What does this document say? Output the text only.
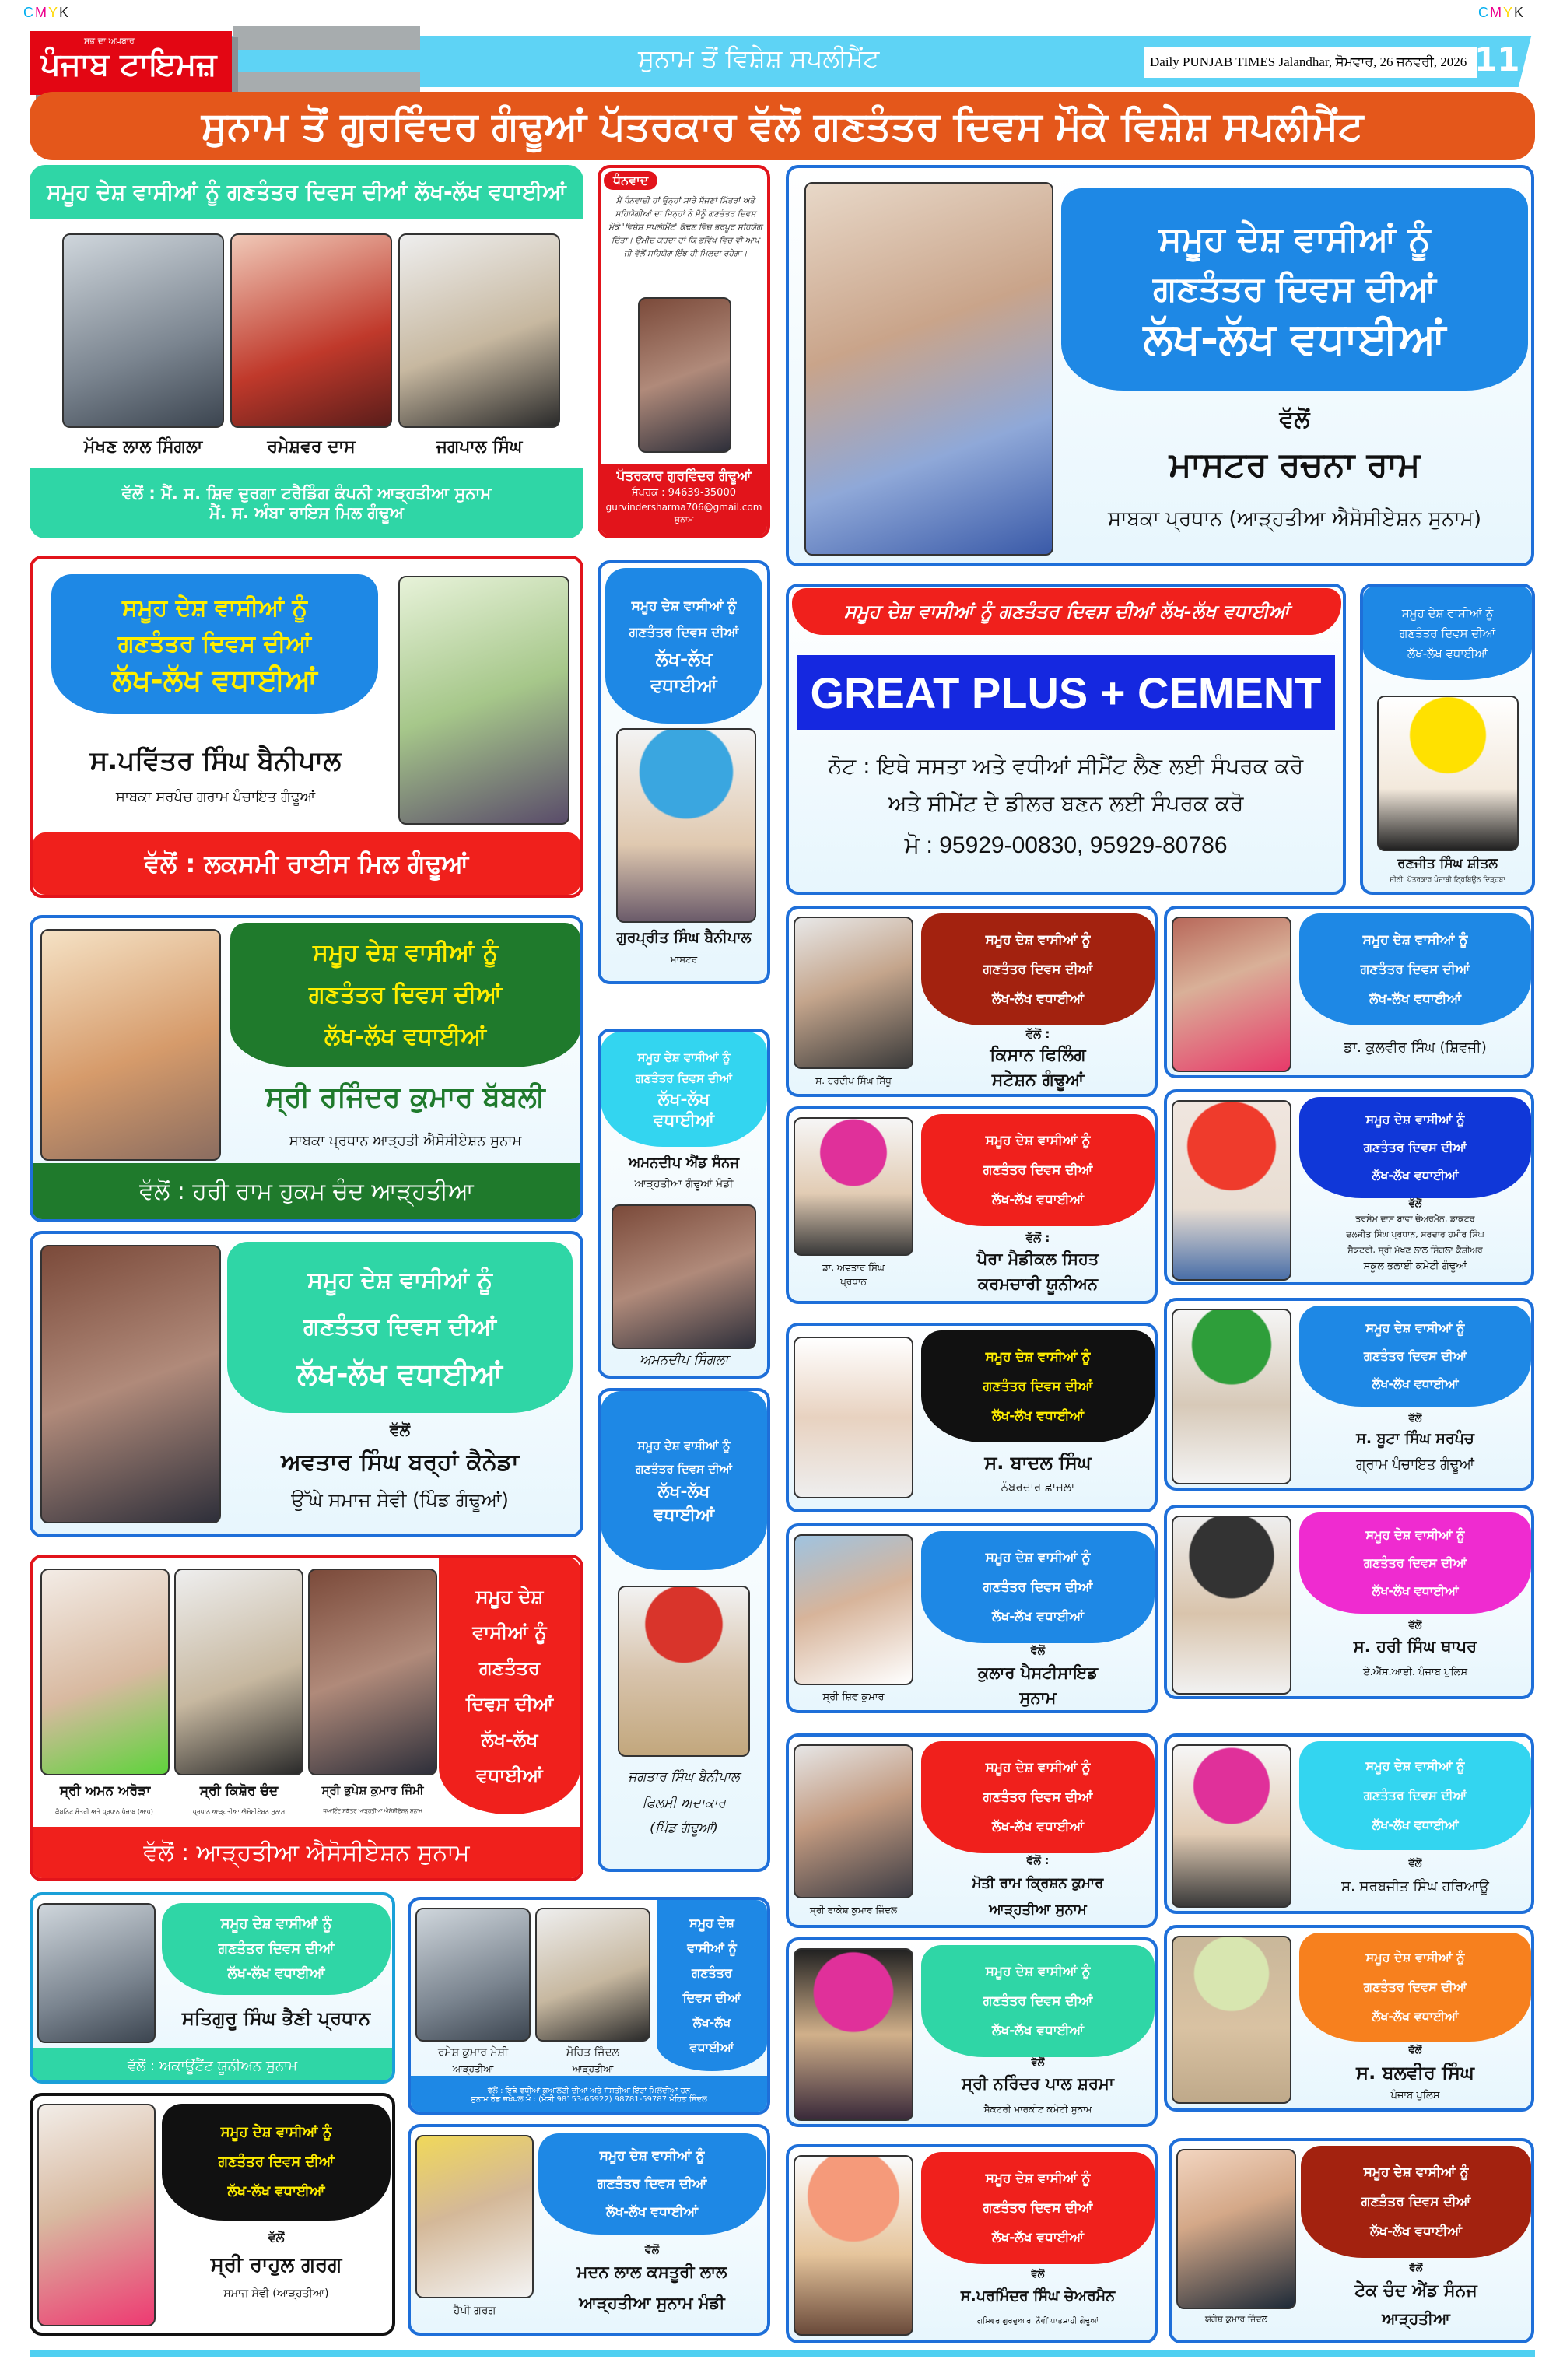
CMYK	CMYK
ਸਭ ਦਾ ਅਖ਼ਬਾਰ
ਪੰਜਾਬ ਟਾਇਮਜ਼	ਸੁਨਾਮ ਤੋਂ ਵਿਸ਼ੇਸ਼ ਸਪਲੀਮੈਂਟ	Daily PUNJAB TIMES Jalandhar, ਸੋਮਵਾਰ, 26 ਜਨਵਰੀ, 2026 11
ਸੁਨਾਮ ਤੋਂ ਗੁਰਵਿੰਦਰ ਗੰਢੂਆਂ ਪੱਤਰਕਾਰ ਵੱਲੋਂ ਗਣਤੰਤਰ ਦਿਵਸ ਮੌਕੇ ਵਿਸ਼ੇਸ਼ ਸਪਲੀਮੈਂਟ
ਸਮੂਹ ਦੇਸ਼ ਵਾਸੀਆਂ ਨੂੰ ਗਣਤੰਤਰ ਦਿਵਸ ਦੀਆਂ ਲੱਖ-ਲੱਖ ਵਧਾਈਆਂ
ਮੱਖਣ ਲਾਲ ਸਿੰਗਲਾ	ਰਮੇਸ਼ਵਰ ਦਾਸ	ਜਗਪਾਲ ਸਿੰਘ
ਵੱਲੋਂ : ਮੈਂ. ਸ. ਸ਼ਿਵ ਦੁਰਗਾ ਟਰੈਡਿੰਗ ਕੰਪਨੀ ਆੜ੍ਹਤੀਆ ਸੁਨਾਮ
ਮੈਂ. ਸ. ਅੰਬਾ ਰਾਇਸ ਮਿਲ ਗੰਢੂਅ
ਧੰਨਵਾਦ
ਮੈਂ ਧੰਨਵਾਦੀ ਹਾਂ ਉਨ੍ਹਾਂ ਸਾਰੇ ਸੱਜਣਾਂ ਮਿੱਤਰਾਂ ਅਤੇ ਸਹਿਯੋਗੀਆਂ ਦਾ ਜਿਨ੍ਹਾਂ ਨੇ ਮੈਨੂੰ ਗਣਤੰਤਰ ਦਿਵਸ ਮੌਕੇ 'ਵਿਸ਼ੇਸ਼ ਸਪਲੀਮੈਂਟ' ਕੱਢਣ ਵਿੱਚ ਭਰਪੂਰ ਸਹਿਯੋਗ ਦਿੱਤਾ। ਉਮੀਦ ਕਰਦਾ ਹਾਂ ਕਿ ਭਵਿੱਖ ਵਿੱਚ ਵੀ ਆਪ ਜੀ ਵੱਲੋਂ ਸਹਿਯੋਗ ਇੰਝ ਹੀ ਮਿਲਦਾ ਰਹੇਗਾ।
ਪੱਤਰਕਾਰ ਗੁਰਵਿੰਦਰ ਗੰਢੂਆਂ
ਸੰਪਰਕ : 94639-35000
gurvindersharma706@gmail.com
ਸੁਨਾਮ
ਸਮੂਹ ਦੇਸ਼ ਵਾਸੀਆਂ ਨੂੰ
ਗਣਤੰਤਰ ਦਿਵਸ ਦੀਆਂ
ਲੱਖ-ਲੱਖ ਵਧਾਈਆਂ
ਵੱਲੋਂ
ਮਾਸਟਰ ਰਚਨਾ ਰਾਮ
ਸਾਬਕਾ ਪ੍ਰਧਾਨ (ਆੜ੍ਹਤੀਆ ਐਸੋਸੀਏਸ਼ਨ ਸੁਨਾਮ)
ਸਮੂਹ ਦੇਸ਼ ਵਾਸੀਆਂ ਨੂੰ
ਗਣਤੰਤਰ ਦਿਵਸ ਦੀਆਂ
ਲੱਖ-ਲੱਖ ਵਧਾਈਆਂ
ਸ.ਪਵਿੱਤਰ ਸਿੰਘ ਬੈਨੀਪਾਲ
ਸਾਬਕਾ ਸਰਪੰਚ ਗਰਾਮ ਪੰਚਾਇਤ ਗੰਢੂਆਂ
ਵੱਲੋਂ : ਲਕਸਮੀ ਰਾਈਸ ਮਿਲ ਗੰਢੂਆਂ
ਸਮੂਹ ਦੇਸ਼ ਵਾਸੀਆਂ ਨੂੰ
ਗਣਤੰਤਰ ਦਿਵਸ ਦੀਆਂ
ਲੱਖ-ਲੱਖ
ਵਧਾਈਆਂ
ਗੁਰਪ੍ਰੀਤ ਸਿੰਘ ਬੈਨੀਪਾਲ
ਮਾਸਟਰ
ਸਮੂਹ ਦੇਸ਼ ਵਾਸੀਆਂ ਨੂੰ ਗਣਤੰਤਰ ਦਿਵਸ ਦੀਆਂ ਲੱਖ-ਲੱਖ ਵਧਾਈਆਂ
GREAT PLUS + CEMENT
ਨੋਟ : ਇਥੇ ਸਸਤਾ ਅਤੇ ਵਧੀਆਂ ਸੀਮੈਂਟ ਲੈਣ ਲਈ ਸੰਪਰਕ ਕਰੋ
ਅਤੇ ਸੀਮੇਂਟ ਦੇ ਡੀਲਰ ਬਣਨ ਲਈ ਸੰਪਰਕ ਕਰੋ
ਮੋ : 95929-00830, 95929-80786
ਸਮੂਹ ਦੇਸ਼ ਵਾਸੀਆਂ ਨੂੰ
ਗਣਤੰਤਰ ਦਿਵਸ ਦੀਆਂ
ਲੱਖ-ਲੱਖ ਵਧਾਈਆਂ
ਰਣਜੀਤ ਸਿੰਘ ਸ਼ੀਤਲ
ਸੀਨੀ. ਪੱਤਰਕਾਰ ਪੰਜਾਬੀ ਟ੍ਰਿਬਿਊਨ ਦਿੜ੍ਹਬਾ
ਸਮੂਹ ਦੇਸ਼ ਵਾਸੀਆਂ ਨੂੰ
ਗਣਤੰਤਰ ਦਿਵਸ ਦੀਆਂ
ਲੱਖ-ਲੱਖ ਵਧਾਈਆਂ
ਸ੍ਰੀ ਰਜਿੰਦਰ ਕੁਮਾਰ ਬੱਬਲੀ
ਸਾਬਕਾ ਪ੍ਰਧਾਨ ਆੜ੍ਹਤੀ ਐਸੋਸੀਏਸ਼ਨ ਸੁਨਾਮ
ਵੱਲੋਂ : ਹਰੀ ਰਾਮ ਹੁਕਮ ਚੰਦ ਆੜ੍ਹਤੀਆ
ਸਮੂਹ ਦੇਸ਼ ਵਾਸੀਆਂ ਨੂੰ
ਗਣਤੰਤਰ ਦਿਵਸ ਦੀਆਂ
ਲੱਖ-ਲੱਖ
ਵਧਾਈਆਂ
ਅਮਨਦੀਪ ਐਂਡ ਸੰਨਜ
ਆੜ੍ਹਤੀਆ ਗੰਢੂਆਂ ਮੰਡੀ
ਅਮਨਦੀਪ ਸਿੰਗਲਾ
ਸਮੂਹ ਦੇਸ਼ ਵਾਸੀਆਂ ਨੂੰ
ਗਣਤੰਤਰ ਦਿਵਸ ਦੀਆਂ
ਲੱਖ-ਲੱਖ ਵਧਾਈਆਂ
ਵੱਲੋਂ
ਅਵਤਾਰ ਸਿੰਘ ਬਰ੍ਹਾਂ ਕੈਨੇਡਾ
ਉੱਘੇ ਸਮਾਜ ਸੇਵੀ (ਪਿੰਡ ਗੰਢੂਆਂ)
ਸਮੂਹ ਦੇਸ਼ ਵਾਸੀਆਂ ਨੂੰ
ਗਣਤੰਤਰ ਦਿਵਸ ਦੀਆਂ
ਲੱਖ-ਲੱਖ
ਵਧਾਈਆਂ
ਜਗਤਾਰ ਸਿੰਘ ਬੈਨੀਪਾਲ
ਫਿਲਮੀ ਅਦਾਕਾਰ
(ਪਿੰਡ ਗੰਢੂਆਂ)
ਸਮੂਹ ਦੇਸ਼
ਵਾਸੀਆਂ ਨੂੰ
ਗਣਤੰਤਰ
ਦਿਵਸ ਦੀਆਂ
ਲੱਖ-ਲੱਖ
ਵਧਾਈਆਂ
ਸ੍ਰੀ ਅਮਨ ਅਰੋੜਾ	ਸ੍ਰੀ ਕਿਸ਼ੋਰ ਚੰਦ	ਸ੍ਰੀ ਭੁਪੇਸ਼ ਕੁਮਾਰ ਜਿੰਮੀ
ਕੈਬਨਿਟ ਮੰਤਰੀ ਅਤੇ ਪ੍ਰਧਾਨ ਪੰਜਾਬ (ਆਪ)	ਪ੍ਰਧਾਨ ਆੜ੍ਹਤੀਆ ਐਸੋਸੀਏਸ਼ਨ ਸੁਨਾਮ	ਜੁਆਇੰਟ ਸਕੱਤਰ ਆੜ੍ਹਤੀਆ ਐਸੋਸੀਏਸ਼ਨ ਸੁਨਾਮ
ਵੱਲੋਂ : ਆੜ੍ਹਤੀਆ ਐਸੋਸੀਏਸ਼ਨ ਸੁਨਾਮ
ਸਮੂਹ ਦੇਸ਼ ਵਾਸੀਆਂ ਨੂੰ
ਗਣਤੰਤਰ ਦਿਵਸ ਦੀਆਂ
ਲੱਖ-ਲੱਖ ਵਧਾਈਆਂ
ਸਤਿਗੁਰੂ ਸਿੰਘ ਭੈਣੀ ਪ੍ਰਧਾਨ
ਵੱਲੋਂ : ਅਕਾਊਂਟੈਂਟ ਯੂਨੀਅਨ ਸੁਨਾਮ
ਸਮੂਹ ਦੇਸ਼ ਵਾਸੀਆਂ ਨੂੰ
ਗਣਤੰਤਰ ਦਿਵਸ ਦੀਆਂ
ਲੱਖ-ਲੱਖ ਵਧਾਈਆਂ
ਵੱਲੋਂ
ਸ੍ਰੀ ਰਾਹੁਲ ਗਰਗ
ਸਮਾਜ ਸੇਵੀ (ਆੜ੍ਹਤੀਆ)
ਸਮੂਹ ਦੇਸ਼
ਵਾਸੀਆਂ ਨੂੰ
ਗਣਤੰਤਰ
ਦਿਵਸ ਦੀਆਂ
ਲੱਖ-ਲੱਖ
ਵਧਾਈਆਂ
ਰਮੇਸ਼ ਕੁਮਾਰ ਮੇਸ਼ੀ
ਆੜ੍ਹਤੀਆ
ਮੋਹਿਤ ਜਿੰਦਲ
ਆੜ੍ਹਤੀਆ
ਵੱਲੋਂ : ਇਥੇ ਵਧੀਆਂ ਕੁਆਲਟੀ ਦੀਆਂ ਅਤੇ ਸੱਸਤੀਆਂ ਇੱਟਾਂ ਮਿਲਦੀਆਂ ਹਨ
ਸੁਨਾਮ ਰੋਡ ਜਖੇਪਲ ਮੋ : (ਮੇਸ਼ੀ 98153-65922) 98781-59787 ਮੋਹਿਤ ਜਿੰਦਲ
ਹੈਪੀ ਗਰਗ
ਸਮੂਹ ਦੇਸ਼ ਵਾਸੀਆਂ ਨੂੰ
ਗਣਤੰਤਰ ਦਿਵਸ ਦੀਆਂ
ਲੱਖ-ਲੱਖ ਵਧਾਈਆਂ
ਵੱਲੋਂ
ਮਦਨ ਲਾਲ ਕਸਤੂਰੀ ਲਾਲ
ਆੜ੍ਹਤੀਆ ਸੁਨਾਮ ਮੰਡੀ
ਸ. ਹਰਦੀਪ ਸਿੰਘ ਸਿੱਧੂ
ਸਮੂਹ ਦੇਸ਼ ਵਾਸੀਆਂ ਨੂੰ
ਗਣਤੰਤਰ ਦਿਵਸ ਦੀਆਂ
ਲੱਖ-ਲੱਖ ਵਧਾਈਆਂ
ਵੱਲੋਂ :
ਕਿਸਾਨ ਫਿਲਿੰਗ
ਸਟੇਸ਼ਨ ਗੰਢੂਆਂ
ਸਮੂਹ ਦੇਸ਼ ਵਾਸੀਆਂ ਨੂੰ
ਗਣਤੰਤਰ ਦਿਵਸ ਦੀਆਂ
ਲੱਖ-ਲੱਖ ਵਧਾਈਆਂ
ਡਾ. ਕੁਲਵੀਰ ਸਿੰਘ (ਸ਼ਿਵਜੀ)
ਡਾ. ਅਵਤਾਰ ਸਿੰਘ
ਪ੍ਰਧਾਨ
ਸਮੂਹ ਦੇਸ਼ ਵਾਸੀਆਂ ਨੂੰ
ਗਣਤੰਤਰ ਦਿਵਸ ਦੀਆਂ
ਲੱਖ-ਲੱਖ ਵਧਾਈਆਂ
ਵੱਲੋਂ :
ਪੈਰਾ ਮੈਡੀਕਲ ਸਿਹਤ
ਕਰਮਚਾਰੀ ਯੂਨੀਅਨ
ਸਮੂਹ ਦੇਸ਼ ਵਾਸੀਆਂ ਨੂੰ
ਗਣਤੰਤਰ ਦਿਵਸ ਦੀਆਂ
ਲੱਖ-ਲੱਖ ਵਧਾਈਆਂ
ਵੱਲੋਂ
ਤਰਸੇਮ ਦਾਸ ਬਾਵਾ ਚੇਅਰਮੈਨ, ਡਾਕਟਰ
ਦਲਜੀਤ ਸਿੰਘ ਪ੍ਰਧਾਨ, ਸਰਦਾਰ ਹਮੀਰ ਸਿੰਘ
ਸੈਕਟਰੀ, ਸ੍ਰੀ ਮੱਖਣ ਲਾਲ ਸਿੰਗਲਾ ਕੈਸ਼ੀਅਰ
ਸਕੂਲ ਭਲਾਈ ਕਮੇਟੀ ਗੰਢੂਆਂ
ਸਮੂਹ ਦੇਸ਼ ਵਾਸੀਆਂ ਨੂੰ
ਗਣਤੰਤਰ ਦਿਵਸ ਦੀਆਂ
ਲੱਖ-ਲੱਖ ਵਧਾਈਆਂ
ਸ. ਬਾਦਲ ਸਿੰਘ
ਨੰਬਰਦਾਰ ਛਾਜਲਾ
ਸਮੂਹ ਦੇਸ਼ ਵਾਸੀਆਂ ਨੂੰ
ਗਣਤੰਤਰ ਦਿਵਸ ਦੀਆਂ
ਲੱਖ-ਲੱਖ ਵਧਾਈਆਂ
ਵੱਲੋਂ
ਸ. ਬੂਟਾ ਸਿੰਘ ਸਰਪੰਚ
ਗ੍ਰਾਮ ਪੰਚਾਇਤ ਗੰਢੂਆਂ
ਸ੍ਰੀ ਸ਼ਿਵ ਕੁਮਾਰ
ਸਮੂਹ ਦੇਸ਼ ਵਾਸੀਆਂ ਨੂੰ
ਗਣਤੰਤਰ ਦਿਵਸ ਦੀਆਂ
ਲੱਖ-ਲੱਖ ਵਧਾਈਆਂ
ਵੱਲੋਂ
ਕੁਲਾਰ ਪੈਸਟੀਸਾਇਡ
ਸੁਨਾਮ
ਸਮੂਹ ਦੇਸ਼ ਵਾਸੀਆਂ ਨੂੰ
ਗਣਤੰਤਰ ਦਿਵਸ ਦੀਆਂ
ਲੱਖ-ਲੱਖ ਵਧਾਈਆਂ
ਵੱਲੋਂ
ਸ. ਹਰੀ ਸਿੰਘ ਥਾਪਰ
ਏ.ਐੱਸ.ਆਈ. ਪੰਜਾਬ ਪੁਲਿਸ
ਸ੍ਰੀ ਰਾਕੇਸ਼ ਕੁਮਾਰ ਜਿੰਦਲ
ਸਮੂਹ ਦੇਸ਼ ਵਾਸੀਆਂ ਨੂੰ
ਗਣਤੰਤਰ ਦਿਵਸ ਦੀਆਂ
ਲੱਖ-ਲੱਖ ਵਧਾਈਆਂ
ਵੱਲੋਂ :
ਮੋਤੀ ਰਾਮ ਕ੍ਰਿਸ਼ਨ ਕੁਮਾਰ
ਆੜ੍ਹਤੀਆ ਸੁਨਾਮ
ਸਮੂਹ ਦੇਸ਼ ਵਾਸੀਆਂ ਨੂੰ
ਗਣਤੰਤਰ ਦਿਵਸ ਦੀਆਂ
ਲੱਖ-ਲੱਖ ਵਧਾਈਆਂ
ਵੱਲੋਂ
ਸ. ਸਰਬਜੀਤ ਸਿੰਘ ਹਰਿਆਊ
ਸਮੂਹ ਦੇਸ਼ ਵਾਸੀਆਂ ਨੂੰ
ਗਣਤੰਤਰ ਦਿਵਸ ਦੀਆਂ
ਲੱਖ-ਲੱਖ ਵਧਾਈਆਂ
ਵੱਲੋਂ
ਸ੍ਰੀ ਨਰਿੰਦਰ ਪਾਲ ਸ਼ਰਮਾ
ਸੈਕਟਰੀ ਮਾਰਕੀਟ ਕਮੇਟੀ ਸੁਨਾਮ
ਸਮੂਹ ਦੇਸ਼ ਵਾਸੀਆਂ ਨੂੰ
ਗਣਤੰਤਰ ਦਿਵਸ ਦੀਆਂ
ਲੱਖ-ਲੱਖ ਵਧਾਈਆਂ
ਵੱਲੋਂ
ਸ. ਬਲਵੀਰ ਸਿੰਘ
ਪੰਜਾਬ ਪੁਲਿਸ
ਸਮੂਹ ਦੇਸ਼ ਵਾਸੀਆਂ ਨੂੰ
ਗਣਤੰਤਰ ਦਿਵਸ ਦੀਆਂ
ਲੱਖ-ਲੱਖ ਵਧਾਈਆਂ
ਵੱਲੋਂ
ਸ.ਪਰਮਿੰਦਰ ਸਿੰਘ ਚੇਅਰਮੈਨ
ਗਸਿਵਰ ਗੁਰਦੁਆਰਾ ਨੌਵੀਂ ਪਾਤਸ਼ਾਹੀ ਗੰਢੂਆਂ	ਯੋਗੇਸ਼ ਕੁਮਾਰ ਜਿੰਦਲ
ਸਮੂਹ ਦੇਸ਼ ਵਾਸੀਆਂ ਨੂੰ
ਗਣਤੰਤਰ ਦਿਵਸ ਦੀਆਂ
ਲੱਖ-ਲੱਖ ਵਧਾਈਆਂ
ਵੱਲੋਂ
ਟੇਕ ਚੰਦ ਐਂਡ ਸੰਨਜ
ਆੜ੍ਹਤੀਆ
